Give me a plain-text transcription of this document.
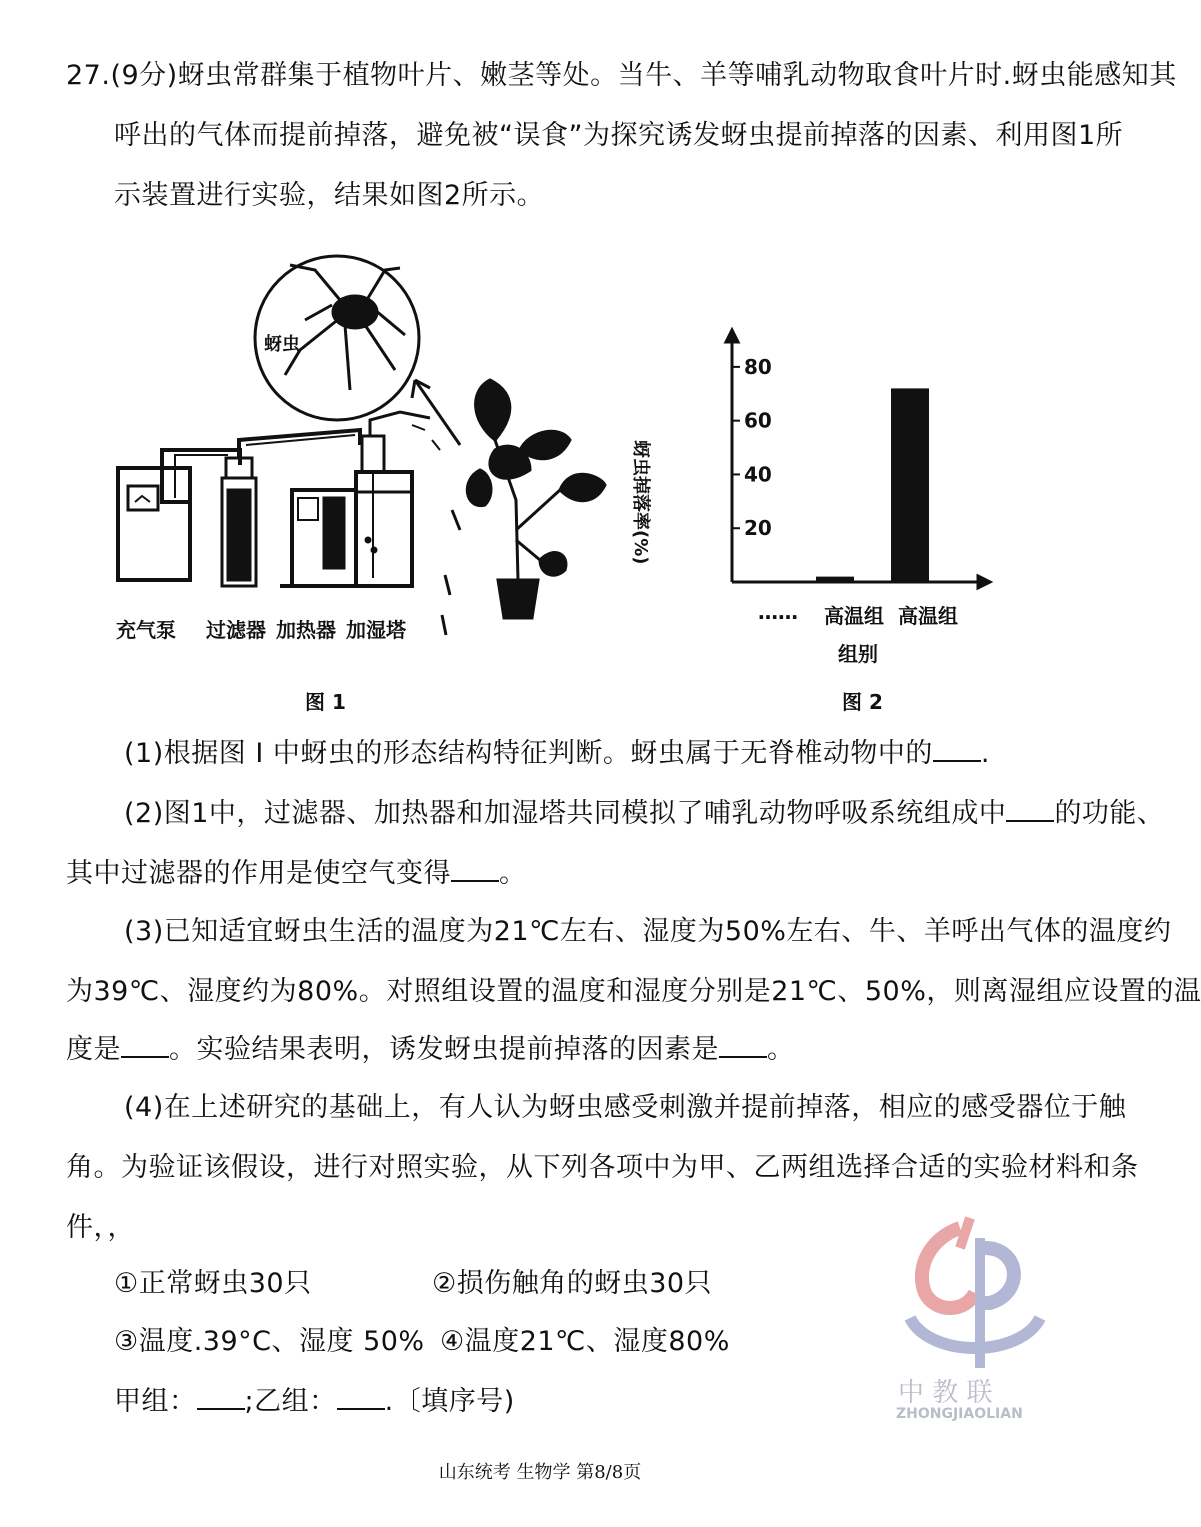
27.(9分)蚜虫常群集于植物叶片、嫩茎等处。当牛、羊等哺乳动物取食叶片时.蚜虫能感知其
呼出的气体而提前掉落，避免被“误食”为探究诱发蚜虫提前掉落的因素、利用图1所
示装置进行实验，结果如图2所示。
蚜虫
充气泵 过滤器 加热器 加湿塔
图 1
20
40
60
80
蚜虫掉落率(%)
…… 高温组 高温组
组别
图 2
(1)根据图 I 中蚜虫的形态结构特征判断。蚜虫属于无脊椎动物中的 .
(2)图1中，过滤器、加热器和加湿塔共同模拟了哺乳动物呼吸系统组成中 的功能、
其中过滤器的作用是使空气变得 。
(3)已知适宜蚜虫生活的温度为21℃左右、湿度为50%左右、牛、羊呼出气体的温度约
为39℃、湿度约为80%。对照组设置的温度和湿度分别是21℃、50%，则离湿组应设置的温
度是 。实验结果表明，诱发蚜虫提前掉落的因素是 。
(4)在上述研究的基础上，有人认为蚜虫感受刺激并提前掉落，相应的感受器位于触
角。为验证该假设，进行对照实验，从下列各项中为甲、乙两组选择合适的实验材料和条
件，，
①正常蚜虫30只	②损伤触角的蚜虫30只
③温度.39°C、湿度 50% ④温度21℃、湿度80%
甲组： ;乙组： .〔填序号)	中 教 联
ZHONGJIAOLIAN
山东统考 生物学 第8/8页
